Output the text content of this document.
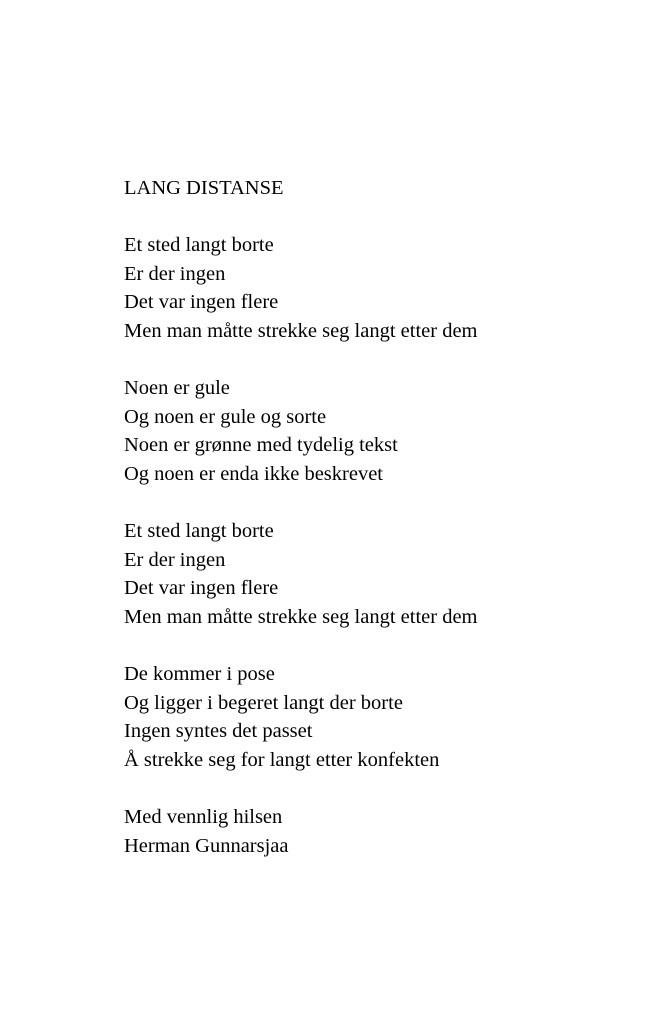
LANG DISTANSE
Et sted langt borte
Er der ingen
Det var ingen flere
Men man måtte strekke seg langt etter dem
Noen er gule
Og noen er gule og sorte
Noen er grønne med tydelig tekst
Og noen er enda ikke beskrevet
Et sted langt borte
Er der ingen
Det var ingen flere
Men man måtte strekke seg langt etter dem
De kommer i pose
Og ligger i begeret langt der borte
Ingen syntes det passet
Å strekke seg for langt etter konfekten
Med vennlig hilsen
Herman Gunnarsjaa
